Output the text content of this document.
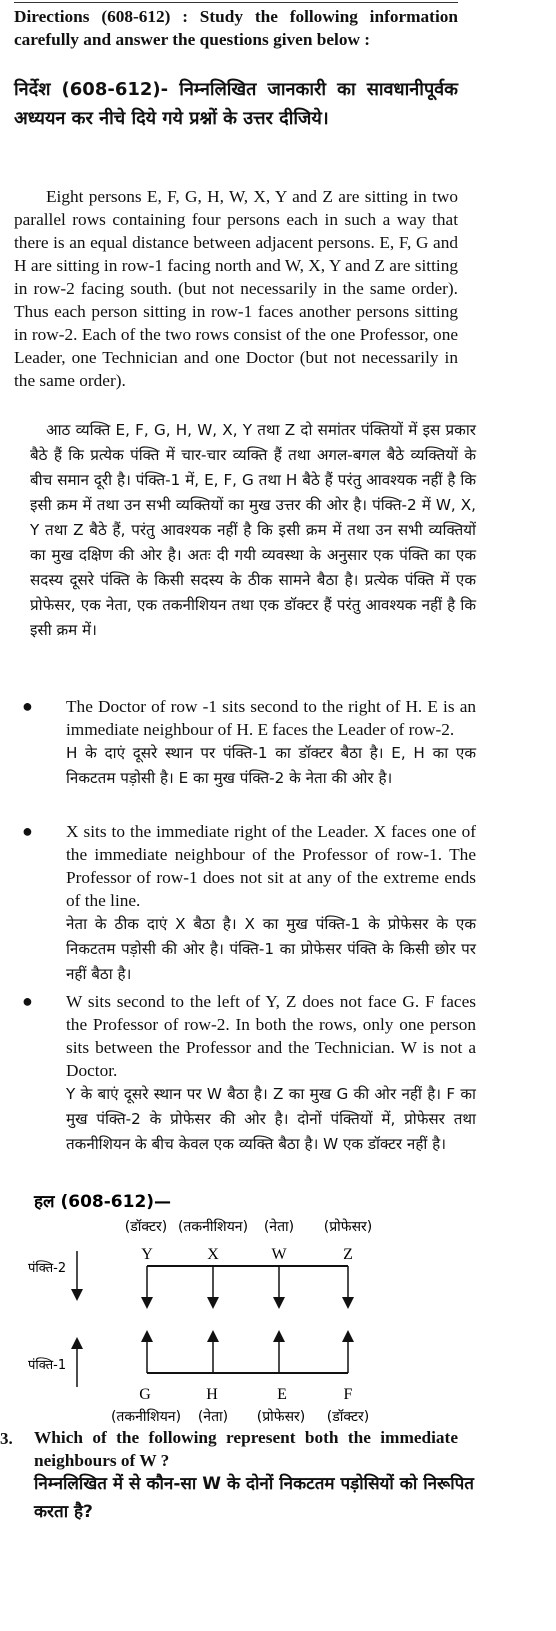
Directions (608-612) : Study the following information carefully and answer the questions given below :
निर्देश (608-612)- निम्नलिखित जानकारी का सावधानीपूर्वक अध्ययन कर नीचे दिये गये प्रश्नों के उत्तर दीजिये।
Eight persons E, F, G, H, W, X, Y and Z are sitting in two parallel rows containing four persons each in such a way that there is an equal distance between adjacent persons. E, F, G and H are sitting in row-1 facing north and W, X, Y and Z are sitting in row-2 facing south. (but not necessarily in the same order). Thus each person sitting in row-1 faces another persons sitting in row-2. Each of the two rows consist of the one Professor, one Leader, one Technician and one Doctor (but not necessarily in the same order).
आठ व्यक्ति E, F, G, H, W, X, Y तथा Z दो समांतर पंक्तियों में इस प्रकार बैठे हैं कि प्रत्येक पंक्ति में चार-चार व्यक्ति हैं तथा अगल-बगल बैठे व्यक्तियों के बीच समान दूरी है। पंक्ति-1 में, E, F, G तथा H बैठे हैं परंतु आवश्यक नहीं है कि इसी क्रम में तथा उन सभी व्यक्तियों का मुख उत्तर की ओर है। पंक्ति-2 में W, X, Y तथा Z बैठे हैं, परंतु आवश्यक नहीं है कि इसी क्रम में तथा उन सभी व्यक्तियों का मुख दक्षिण की ओर है। अतः दी गयी व्यवस्था के अनुसार एक पंक्ति का एक सदस्य दूसरे पंक्ति के किसी सदस्य के ठीक सामने बैठा है। प्रत्येक पंक्ति में एक प्रोफेसर, एक नेता, एक तकनीशियन तथा एक डॉक्टर हैं परंतु आवश्यक नहीं है कि इसी क्रम में।
● The Doctor of row -1 sits second to the right of H. E is an immediate neighbour of H. E faces the Leader of row-2.
H के दाएं दूसरे स्थान पर पंक्ति-1 का डॉक्टर बैठा है। E, H का एक निकटतम पड़ोसी है। E का मुख पंक्ति-2 के नेता की ओर है।
● X sits to the immediate right of the Leader. X faces one of the immediate neighbour of the Professor of row-1. The Professor of row-1 does not sit at any of the extreme ends of the line.
नेता के ठीक दाएं X बैठा है। X का मुख पंक्ति-1 के प्रोफेसर के एक निकटतम पड़ोसी की ओर है। पंक्ति-1 का प्रोफेसर पंक्ति के किसी छोर पर नहीं बैठा है।
● W sits second to the left of Y, Z does not face G. F faces the Professor of row-2. In both the rows, only one person sits between the Professor and the Technician. W is not a Doctor.
Y के बाएं दूसरे स्थान पर W बैठा है। Z का मुख G की ओर नहीं है। F का मुख पंक्ति-2 के प्रोफेसर की ओर है। दोनों पंक्तियों में, प्रोफेसर तथा तकनीशियन के बीच केवल एक व्यक्ति बैठा है। W एक डॉक्टर नहीं है।
हल (608-612)—
(डॉक्टर) (तकनीशियन) (नेता) (प्रोफेसर)
Y	X	W	Z
पंक्ति-2
पंक्ति-1
G	H	E	F
(तकनीशियन) (नेता) (प्रोफेसर) (डॉक्टर)
3. Which of the following represent both the immediate neighbours of W ?
निम्नलिखित में से कौन-सा W के दोनों निकटतम पड़ोसियों को निरूपित करता है?
